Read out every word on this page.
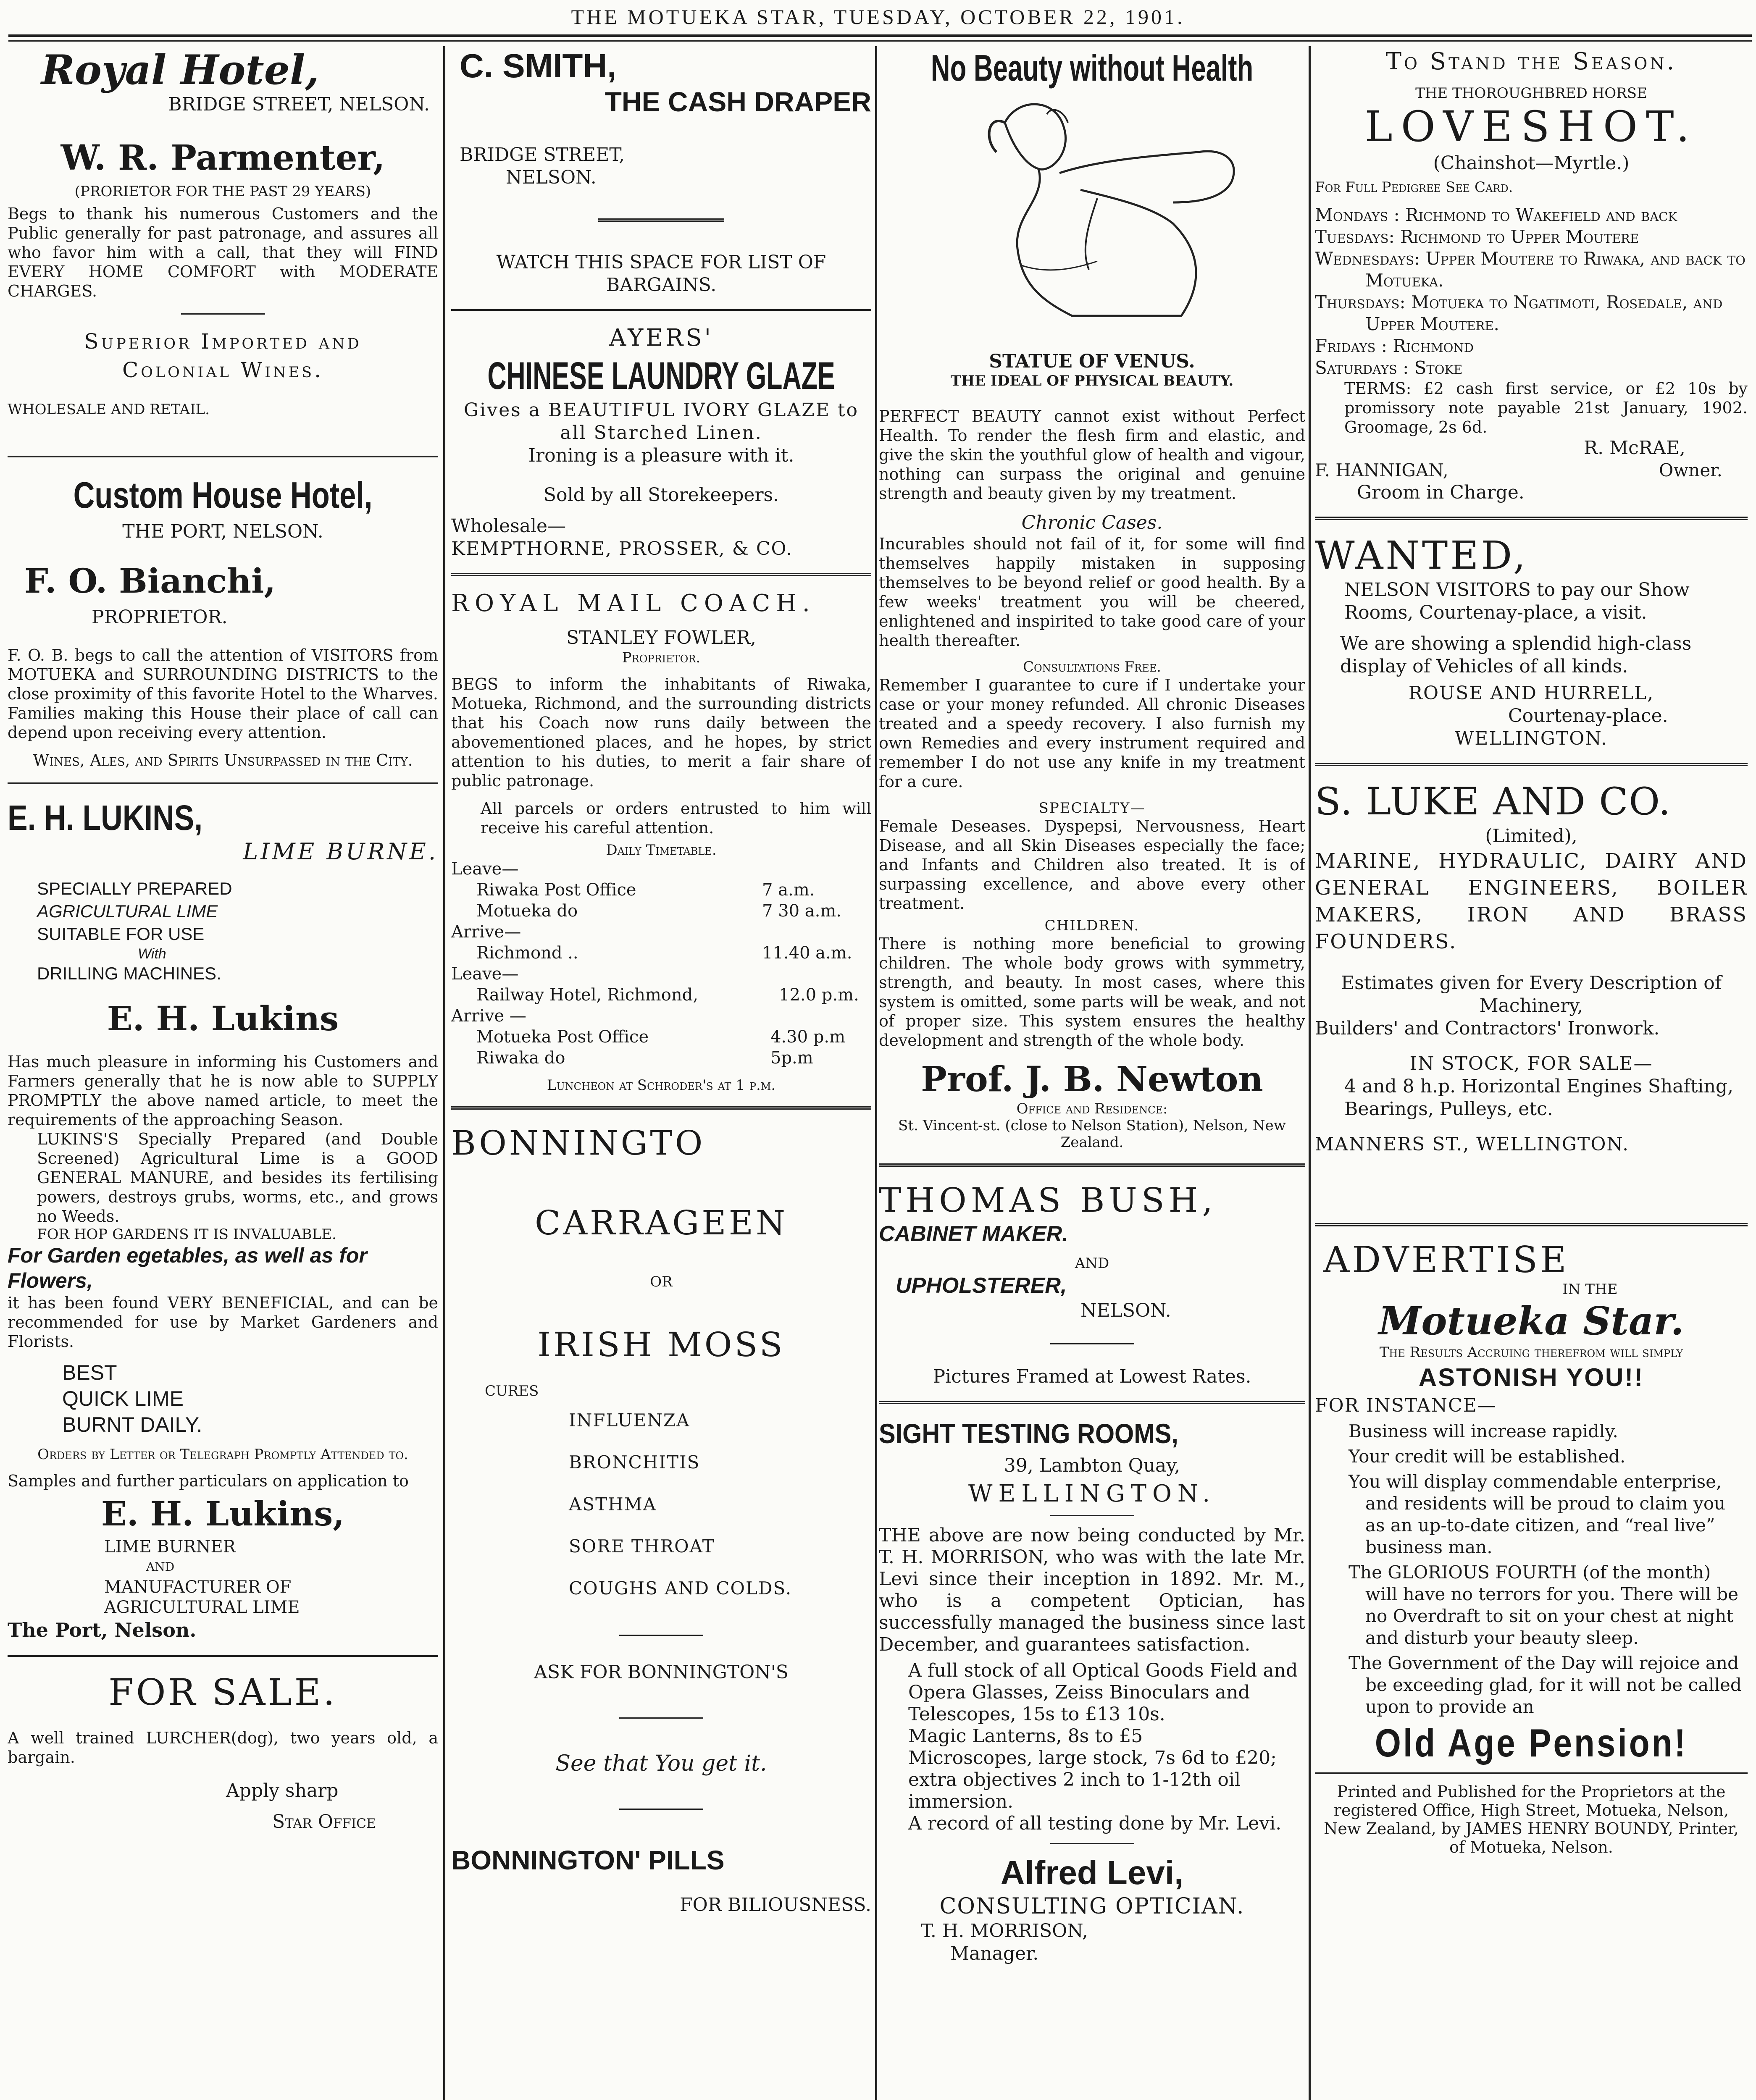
THE MOTUEKA STAR, TUESDAY, OCTOBER 22, 1901.

Royal Hotel,

BRIDGE STREET, NELSON.

W. R. Parmenter,

(PRORIETOR FOR THE PAST 29 YEARS)

Begs to thank his numerous Customers and the Public generally for past patronage, and assures all who favor him with a call, that they will FIND EVERY HOME COMFORT with MODERATE CHARGES.

Superior Imported and Colonial Wines.

WHOLESALE AND RETAIL.

Custom House Hotel,

THE PORT, NELSON.

F. O. Bianchi,

PROPRIETOR.

F. O. B. begs to call the attention of VISITORS from MOTUEKA and SURROUNDING DISTRICTS to the close proximity of this favorite Hotel to the Wharves. Families making this House their place of call can depend upon receiving every attention.

Wines, Ales, and Spirits Unsurpassed in the City.

E. H. LUKINS,

LIME BURNE.

SPECIALLY PREPARED

AGRICULTURAL LIME

SUITABLE FOR USE

With

DRILLING MACHINES.

E. H. Lukins

Has much pleasure in informing his Customers and Farmers generally that he is now able to SUPPLY PROMPTLY the above named article, to meet the requirements of the approaching Season.

LUKINS'S Specially Prepared (and Double Screened) Agricultural Lime is a GOOD GENERAL MANURE, and besides its fertilising powers, destroys grubs, worms, etc., and grows no Weeds.

FOR HOP GARDENS IT IS INVALUABLE.

For Garden egetables, as well as for Flowers,

it has been found VERY BENEFICIAL, and can be recommended for use by Market Gardeners and Florists.

BEST

QUICK LIME

BURNT DAILY.

Orders by Letter or Telegraph Promptly Attended to.

Samples and further particulars on application to

E. H. Lukins,

LIME BURNER

AND

MANUFACTURER OF

AGRICULTURAL LIME

The Port, Nelson.

FOR SALE.

A well trained LURCHER(dog), two years old, a bargain.

Apply sharp

Star Office

C. SMITH,

THE CASH DRAPER

BRIDGE STREET,

NELSON.

WATCH THIS SPACE FOR LIST OF BARGAINS.

AYERS'

CHINESE LAUNDRY GLAZE

Gives a BEAUTIFUL IVORY GLAZE to all Starched Linen.

Ironing is a pleasure with it.

Sold by all Storekeepers.

Wholesale—

KEMPTHORNE, PROSSER, & CO.

ROYAL MAIL COACH.

STANLEY FOWLER,

Proprietor.

BEGS to inform the inhabitants of Riwaka, Motueka, Richmond, and the surrounding districts that his Coach now runs daily between the abovementioned places, and he hopes, by strict attention to his duties, to merit a fair share of public patronage.

All parcels or orders entrusted to him will receive his careful attention.

Daily Timetable.

Leave—
Riwaka Post Office	7 a.m.
Motueka do	7 30 a.m.
Arrive—
Richmond ..	11.40 a.m.
Leave—
Railway Hotel, Richmond,	12.0 p.m.
Arrive —
Motueka Post Office	4.30 p.m
Riwaka do	5p.m

Luncheon at Schroder's at 1 p.m.

BONNINGTO

CARRAGEEN

OR

IRISH MOSS

CURES

INFLUENZA

BRONCHITIS

ASTHMA

SORE THROAT

COUGHS AND COLDS.

ASK FOR BONNINGTON'S

See that You get it.

BONNINGTON' PILLS

FOR BILIOUSNESS.

No Beauty without Health

STATUE OF VENUS.

THE IDEAL OF PHYSICAL BEAUTY.

PERFECT BEAUTY cannot exist without Perfect Health. To render the flesh firm and elastic, and give the skin the youthful glow of health and vigour, nothing can surpass the original and genuine strength and beauty given by my treatment.

Chronic Cases.

Incurables should not fail of it, for some will find themselves happily mistaken in supposing themselves to be beyond relief or good health. By a few weeks' treatment you will be cheered, enlightened and inspirited to take good care of your health thereafter.

Consultations Free.

Remember I guarantee to cure if I undertake your case or your money refunded. All chronic Diseases treated and a speedy recovery. I also furnish my own Remedies and every instrument required and remember I do not use any knife in my treatment for a cure.

SPECIALTY—

Female Deseases. Dyspepsi, Nervousness, Heart Disease, and all Skin Diseases especially the face; and Infants and Children also treated. It is of surpassing excellence, and above every other treatment.

CHILDREN.

There is nothing more beneficial to growing children. The whole body grows with symmetry, strength, and beauty. In most cases, where this system is omitted, some parts will be weak, and not of proper size. This system ensures the healthy development and strength of the whole body.

Prof. J. B. Newton

Office and Residence:

St. Vincent-st. (close to Nelson Station), Nelson, New Zealand.

THOMAS BUSH,

CABINET MAKER.

AND

UPHOLSTERER,

NELSON.

Pictures Framed at Lowest Rates.

SIGHT TESTING ROOMS,

39, Lambton Quay,

WELLINGTON.

THE above are now being conducted by Mr. T. H. MORRISON, who was with the late Mr. Levi since their inception in 1892. Mr. M., who is a competent Optician, has successfully managed the business since last December, and guarantees satisfaction.

A full stock of all Optical Goods Field and Opera Glasses, Zeiss Binoculars and Telescopes, 15s to £13 10s.

Magic Lanterns, 8s to £5

Microscopes, large stock, 7s 6d to £20; extra objectives 2 inch to 1-12th oil immersion.

A record of all testing done by Mr. Levi.

Alfred Levi,

CONSULTING OPTICIAN.

T. H. MORRISON,

Manager.

To Stand the Season.

THE THOROUGHBRED HORSE

LOVESHOT.

(Chainshot—Myrtle.)

For Full Pedigree See Card.

Mondays : Richmond to Wakefield and back

Tuesdays: Richmond to Upper Moutere

Wednesdays: Upper Moutere to Riwaka, and back to Motueka.

Thursdays: Motueka to Ngatimoti, Rosedale, and Upper Moutere.

Fridays : Richmond

Saturdays : Stoke

TERMS: £2 cash first service, or £2 10s by promissory note payable 21st January, 1902. Groomage, 2s 6d.

R. McRAE,

F. HANNIGAN,	Owner.

Groom in Charge.

WANTED,

NELSON VISITORS to pay our Show Rooms, Courtenay-place, a visit.

We are showing a splendid high-class display of Vehicles of all kinds.

ROUSE AND HURRELL,

Courtenay-place.

WELLINGTON.

S. LUKE AND CO.

(Limited),

MARINE, HYDRAULIC, DAIRY AND GENERAL ENGINEERS, BOILER MAKERS, IRON AND BRASS FOUNDERS.

Estimates given for Every Description of Machinery,

Builders' and Contractors' Ironwork.

IN STOCK, FOR SALE—

4 and 8 h.p. Horizontal Engines Shafting, Bearings, Pulleys, etc.

MANNERS ST., WELLINGTON.

ADVERTISE

IN THE

Motueka Star.

The Results Accruing therefrom will simply

ASTONISH YOU!!

FOR INSTANCE—

Business will increase rapidly.

Your credit will be established.

You will display commendable enterprise, and residents will be proud to claim you as an up-to-date citizen, and “real live” business man.

The GLORIOUS FOURTH (of the month) will have no terrors for you. There will be no Overdraft to sit on your chest at night and disturb your beauty sleep.

The Government of the Day will rejoice and be exceeding glad, for it will not be called upon to provide an

Old Age Pension!

Printed and Published for the Proprietors at the registered Office, High Street, Motueka, Nelson, New Zealand, by JAMES HENRY BOUNDY, Printer, of Motueka, Nelson.
